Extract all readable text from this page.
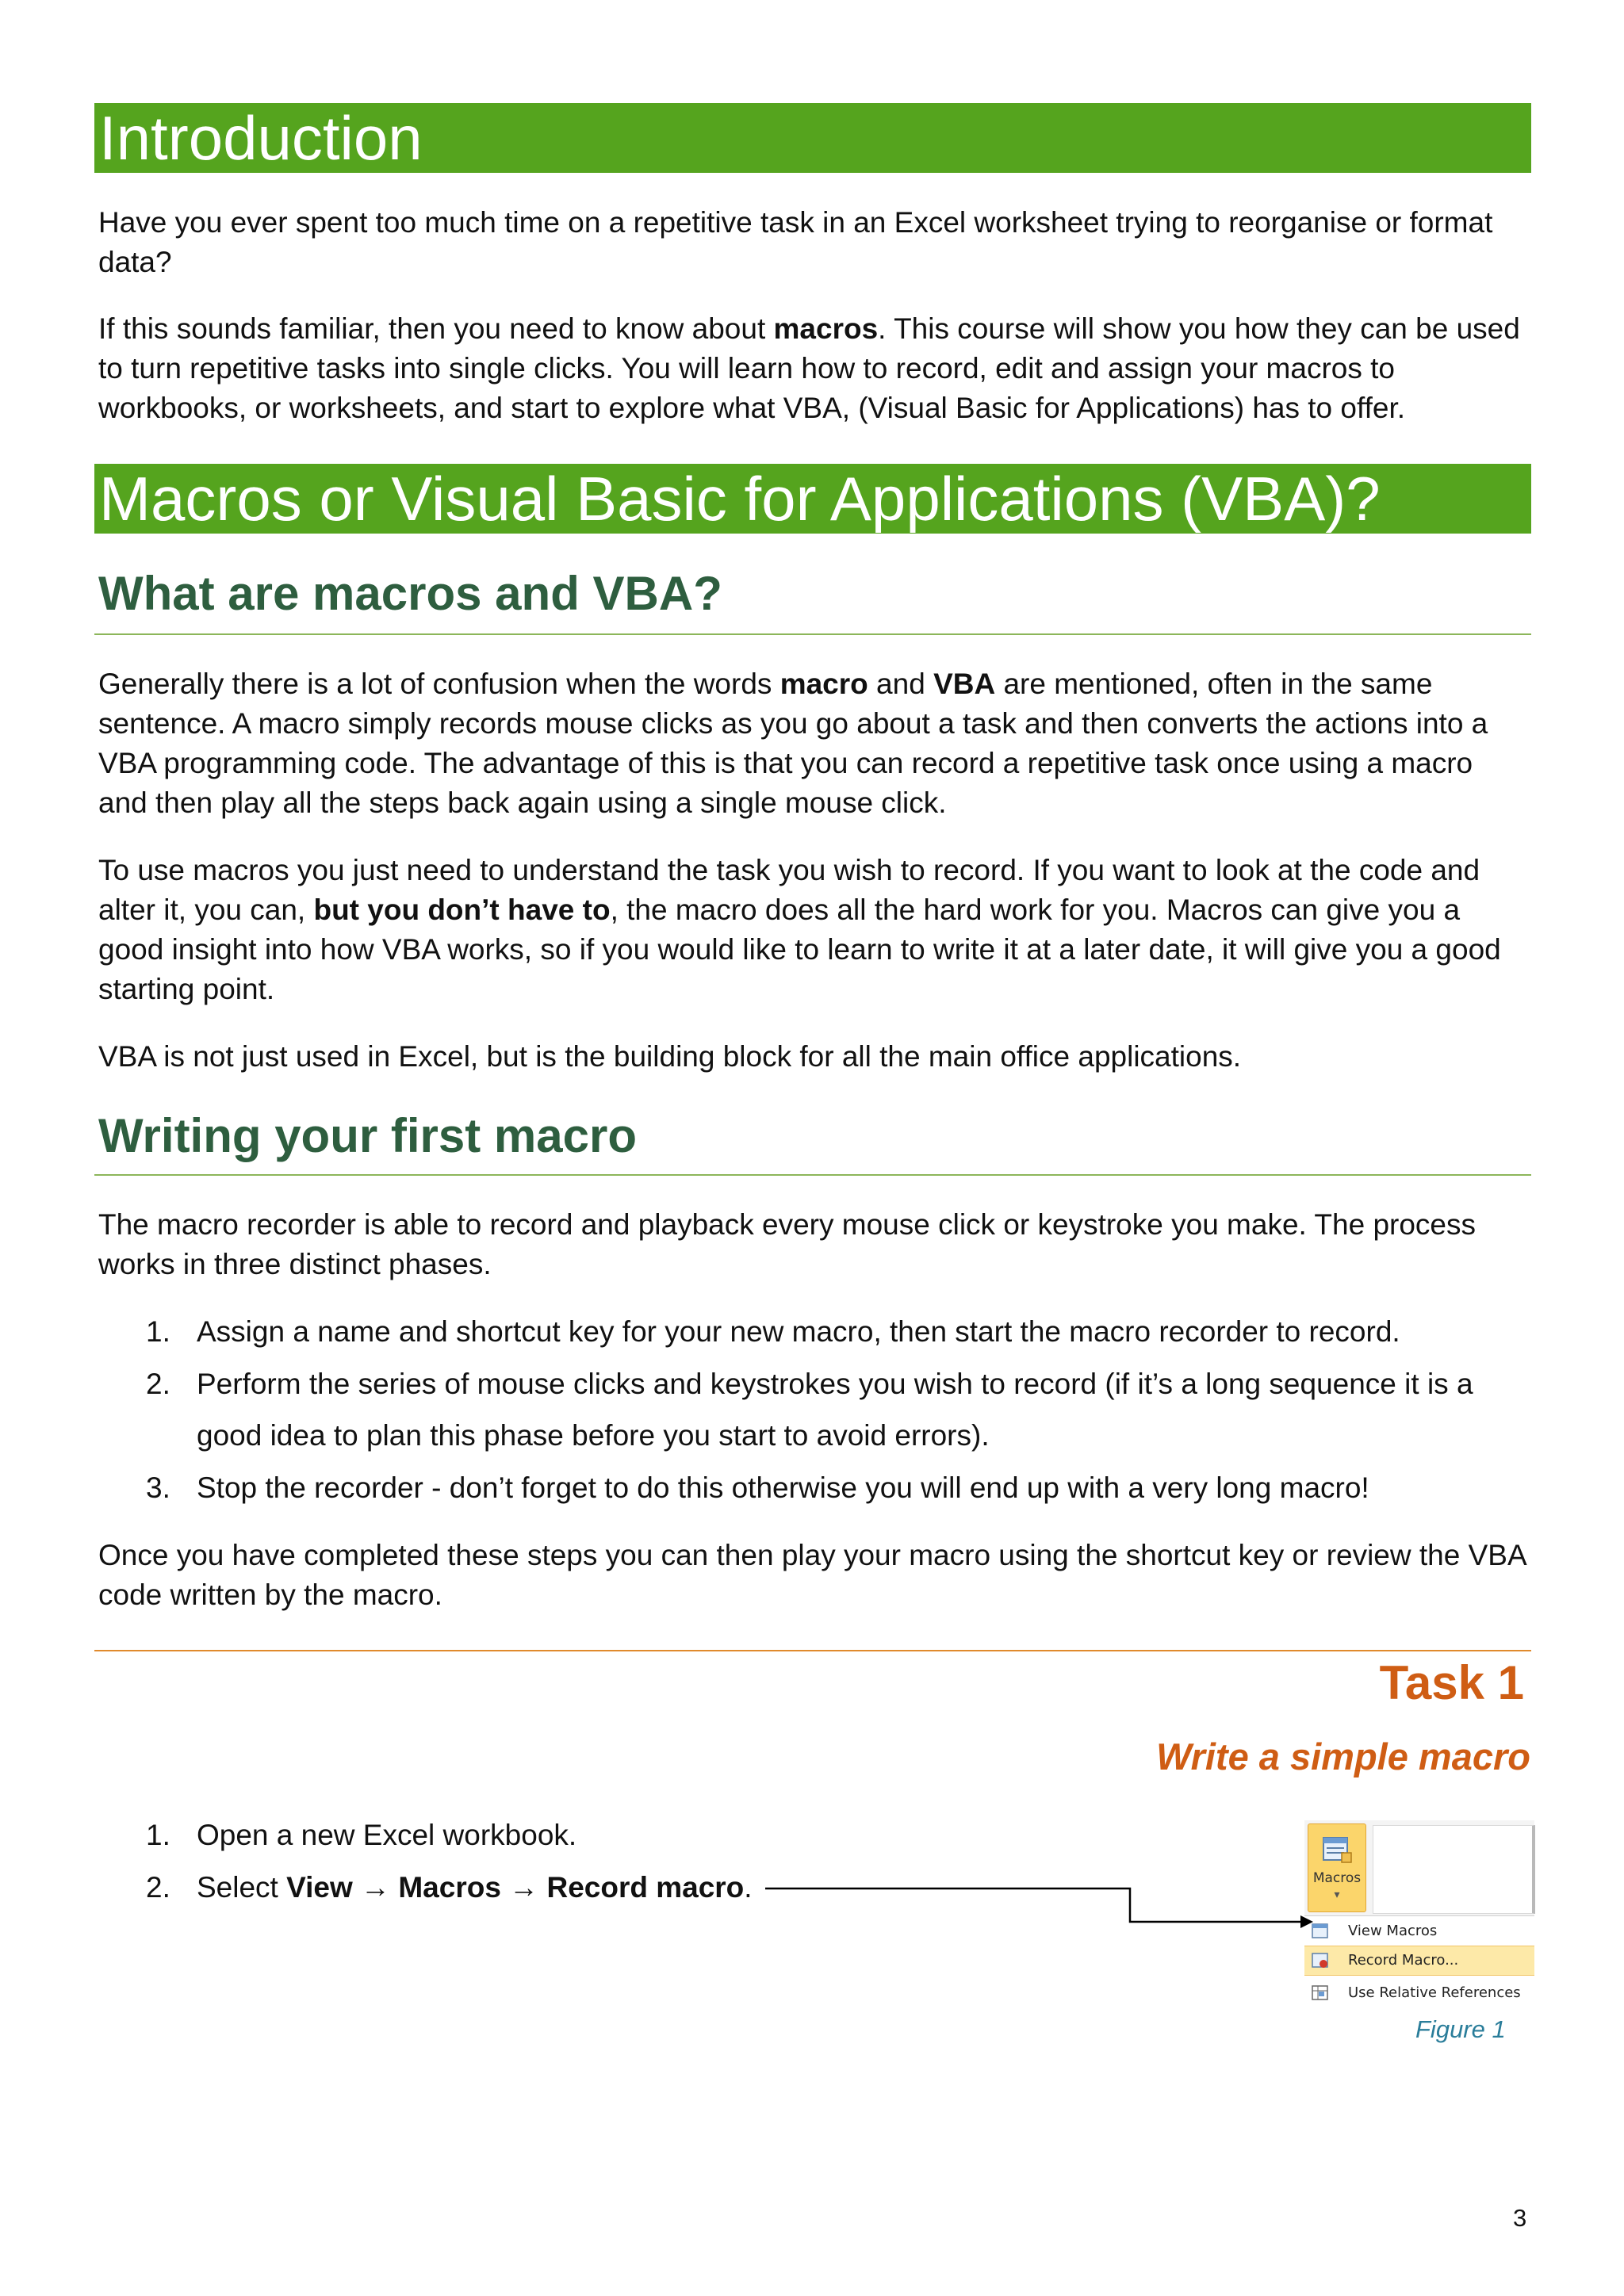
Introduction
Have you ever spent too much time on a repetitive task in an Excel worksheet trying to reorganise or format data?
If this sounds familiar, then you need to know about macros. This course will show you how they can be used to turn repetitive tasks into single clicks. You will learn how to record, edit and assign your macros to workbooks, or worksheets, and start to explore what VBA, (Visual Basic for Applications) has to offer.
Macros or Visual Basic for Applications (VBA)?
What are macros and VBA?
Generally there is a lot of confusion when the words macro and VBA are mentioned, often in the same sentence. A macro simply records mouse clicks as you go about a task and then converts the actions into a VBA programming code. The advantage of this is that you can record a repetitive task once using a macro and then play all the steps back again using a single mouse click.
To use macros you just need to understand the task you wish to record. If you want to look at the code and alter it, you can, but you don’t have to, the macro does all the hard work for you. Macros can give you a good insight into how VBA works, so if you would like to learn to write it at a later date, it will give you a good starting point.
VBA is not just used in Excel, but is the building block for all the main office applications.
Writing your first macro
The macro recorder is able to record and playback every mouse click or keystroke you make. The process works in three distinct phases.
1. Assign a name and shortcut key for your new macro, then start the macro recorder to record.
2. Perform the series of mouse clicks and keystrokes you wish to record (if it’s a long sequence it is a
good idea to plan this phase before you start to avoid errors).
3. Stop the recorder - don’t forget to do this otherwise you will end up with a very long macro!
Once you have completed these steps you can then play your macro using the shortcut key or review the VBA code written by the macro.
Task 1
Write a simple macro
1. Open a new Excel workbook.
2. Select View → Macros → Record macro.	Macros
▾
View Macros
Record Macro...
Use Relative References
Figure 1
3
